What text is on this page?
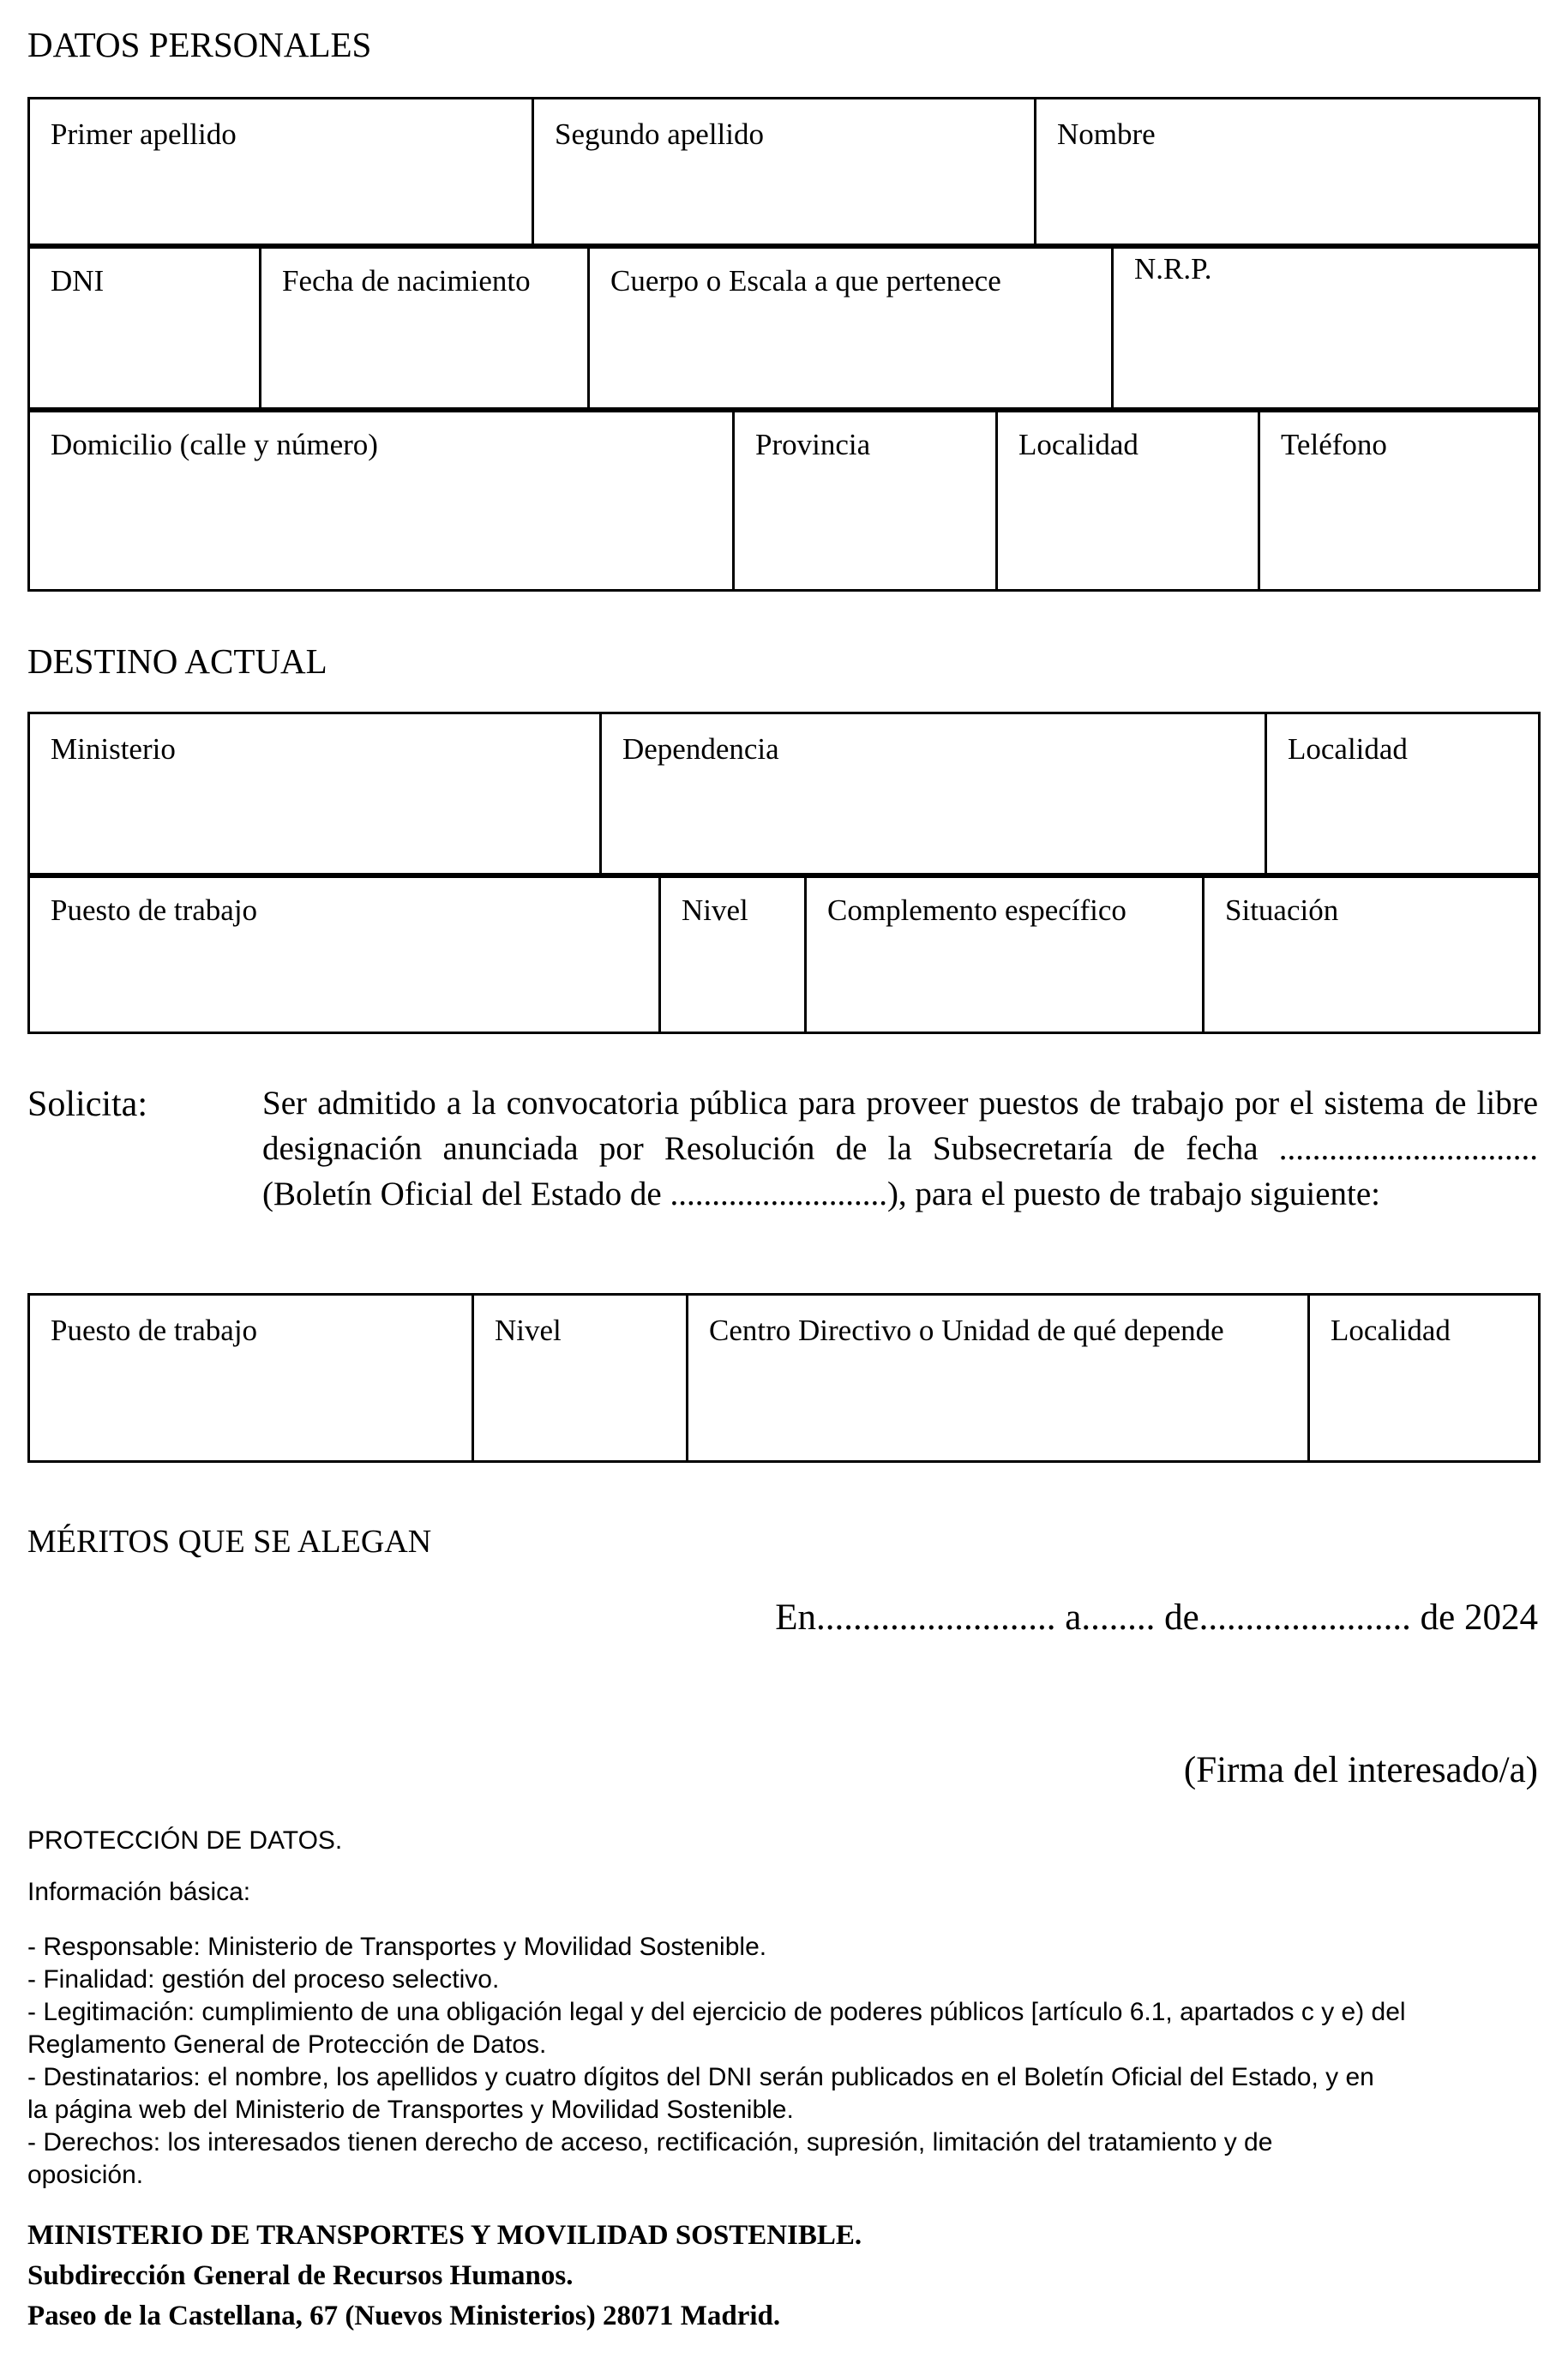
DATOS PERSONALES
Primer apellido	Segundo apellido	Nombre
DNI	Fecha de nacimiento	Cuerpo o Escala a que pertenece	N.R.P.
Domicilio (calle y número)	Provincia	Localidad	Teléfono
DESTINO ACTUAL
Ministerio	Dependencia	Localidad
Puesto de trabajo	Nivel	Complemento específico	Situación
Solicita:	Ser admitido a la convocatoria pública para proveer puestos de trabajo por el sistema de libre
designación anunciada por Resolución de la Subsecretaría de fecha ...............................
(Boletín Oficial del Estado de ..........................), para el puesto de trabajo siguiente:
Puesto de trabajo	Nivel	Centro Directivo o Unidad de qué depende	Localidad
MÉRITOS QUE SE ALEGAN
En.......................... a........ de....................... de 2024
(Firma del interesado/a)
PROTECCIÓN DE DATOS.
Información básica:
- Responsable: Ministerio de Transportes y Movilidad Sostenible.
- Finalidad: gestión del proceso selectivo.
- Legitimación: cumplimiento de una obligación legal y del ejercicio de poderes públicos [artículo 6.1, apartados c y e) del
Reglamento General de Protección de Datos.
- Destinatarios: el nombre, los apellidos y cuatro dígitos del DNI serán publicados en el Boletín Oficial del Estado, y en
la página web del Ministerio de Transportes y Movilidad Sostenible.
- Derechos: los interesados tienen derecho de acceso, rectificación, supresión, limitación del tratamiento y de
oposición.
MINISTERIO DE TRANSPORTES Y MOVILIDAD SOSTENIBLE.
Subdirección General de Recursos Humanos.
Paseo de la Castellana, 67 (Nuevos Ministerios) 28071 Madrid.
